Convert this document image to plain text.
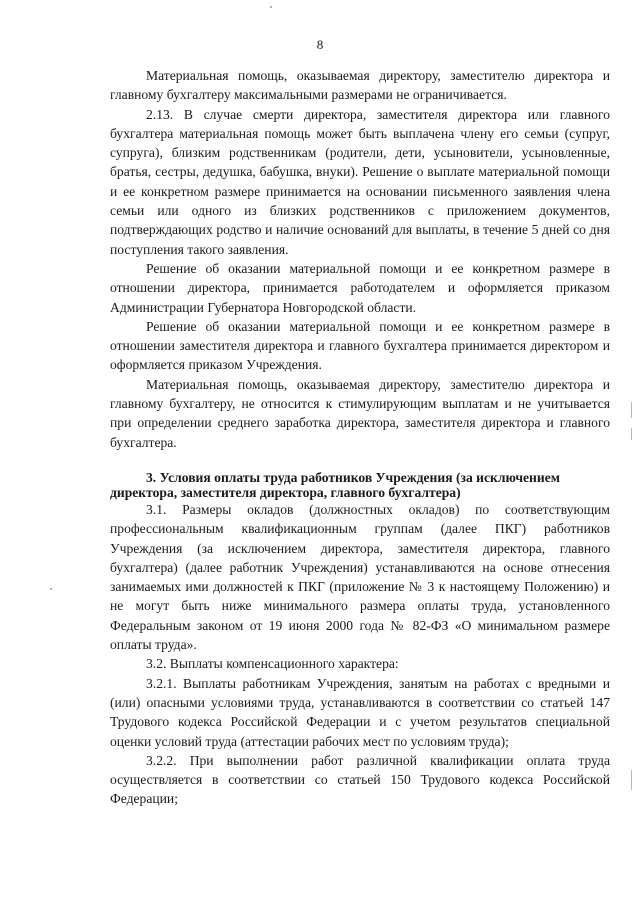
8

Материальная помощь, оказываемая директору, заместителю директора и главному бухгалтеру максимальными размерами не ограничивается.

2.13. В случае смерти директора, заместителя директора или главного бухгалтера материальная помощь может быть выплачена члену его семьи (супруг, супруга), близким родственникам (родители, дети, усыновители, усыновленные, братья, сестры, дедушка, бабушка, внуки). Решение о выплате материальной помощи и ее конкретном размере принимается на основании письменного заявления члена семьи или одного из близких родственников с приложением документов, подтверждающих родство и наличие оснований для выплаты, в течение 5 дней со дня поступления такого заявления.

Решение об оказании материальной помощи и ее конкретном размере в отношении директора, принимается работодателем и оформляется приказом Администрации Губернатора Новгородской области.

Решение об оказании материальной помощи и ее конкретном размере в отношении заместителя директора и главного бухгалтера принимается директором и оформляется приказом Учреждения.

Материальная помощь, оказываемая директору, заместителю директора и главному бухгалтеру, не относится к стимулирующим выплатам и не учитывается при определении среднего заработка директора, заместителя директора и главного бухгалтера.

3. Условия оплаты труда работников Учреждения (за исключением директора, заместителя директора, главного бухгалтера)

3.1. Размеры окладов (должностных окладов) по соответствующим профессиональным квалификационным группам (далее ПКГ) работников Учреждения (за исключением директора, заместителя директора, главного бухгалтера) (далее работник Учреждения) устанавливаются на основе отнесения занимаемых ими должностей к ПКГ (приложение № 3 к настоящему Положению) и не могут быть ниже минимального размера оплаты труда, установленного Федеральным законом от 19 июня 2000 года № 82-ФЗ «О минимальном размере оплаты труда».

3.2. Выплаты компенсационного характера:

3.2.1. Выплаты работникам Учреждения, занятым на работах с вредными и (или) опасными условиями труда, устанавливаются в соответствии со статьей 147 Трудового кодекса Российской Федерации и с учетом результатов специальной оценки условий труда (аттестации рабочих мест по условиям труда);

3.2.2. При выполнении работ различной квалификации оплата труда осуществляется в соответствии со статьей 150 Трудового кодекса Российской Федерации;
